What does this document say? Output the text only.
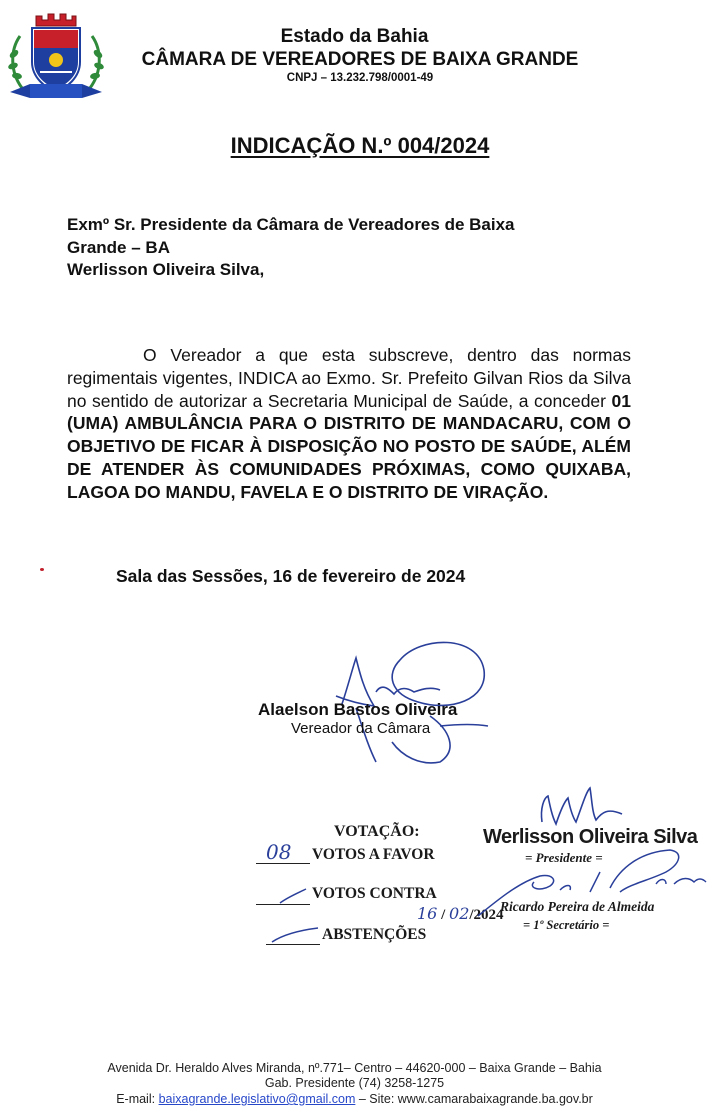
Estado da Bahia
CÂMARA DE VEREADORES DE BAIXA GRANDE
CNPJ – 13.232.798/0001-49
INDICAÇÃO N.º 004/2024
Exmº Sr. Presidente da Câmara de Vereadores de Baixa
Grande – BA
Werlisson Oliveira Silva,
O Vereador a que esta subscreve, dentro das normas regimentais vigentes, INDICA ao Exmo. Sr. Prefeito Gilvan Rios da Silva no sentido de autorizar a Secretaria Municipal de Saúde, a conceder 01 (UMA) AMBULÂNCIA PARA O DISTRITO DE MANDACARU, COM O OBJETIVO DE FICAR À DISPOSIÇÃO NO POSTO DE SAÚDE, ALÉM DE ATENDER ÀS COMUNIDADES PRÓXIMAS, COMO QUIXABA, LAGOA DO MANDU, FAVELA E O DISTRITO DE VIRAÇÃO.
Sala das Sessões, 16 de fevereiro de 2024
Alaelson Bastos Oliveira
Vereador da Câmara
VOTAÇÃO:
08 VOTOS A FAVOR
VOTOS CONTRA
16 / 02/2024
ABSTENÇÕES
Werlisson Oliveira Silva
= Presidente =
Ricardo Pereira de Almeida
= 1º Secretário =
Avenida Dr. Heraldo Alves Miranda, nº.771– Centro – 44620-000 – Baixa Grande – Bahia
Gab. Presidente (74) 3258-1275
E-mail: baixagrande.legislativo@gmail.com – Site: www.camarabaixagrande.ba.gov.br
